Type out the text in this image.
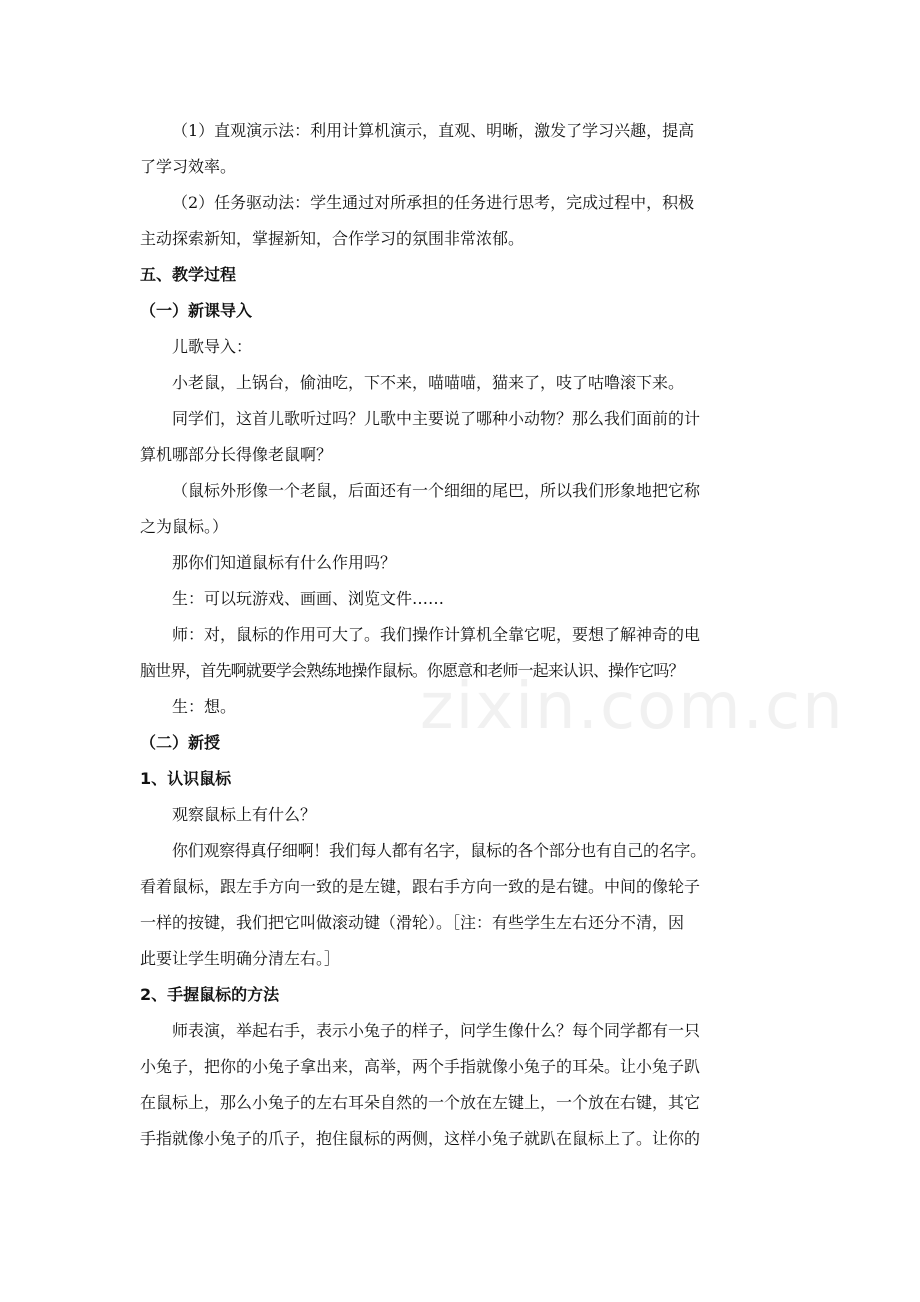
zixin.com.cn
（1）直观演示法：利用计算机演示，直观、明晰，激发了学习兴趣，提高
了学习效率。
（2）任务驱动法：学生通过对所承担的任务进行思考，完成过程中，积极
主动探索新知，掌握新知，合作学习的氛围非常浓郁。
五、教学过程
（一）新课导入
儿歌导入：
小老鼠，上锅台，偷油吃，下不来，喵喵喵，猫来了，吱了咕噜滚下来。
同学们，这首儿歌听过吗？儿歌中主要说了哪种小动物？那么我们面前的计
算机哪部分长得像老鼠啊？
（鼠标外形像一个老鼠，后面还有一个细细的尾巴，所以我们形象地把它称
之为鼠标。）
那你们知道鼠标有什么作用吗？
生：可以玩游戏、画画、浏览文件……
师：对，鼠标的作用可大了。我们操作计算机全靠它呢，要想了解神奇的电
脑世界，首先啊就要学会熟练地操作鼠标。你愿意和老师一起来认识、操作它吗？
生：想。
（二）新授
1、认识鼠标
观察鼠标上有什么？
你们观察得真仔细啊！我们每人都有名字，鼠标的各个部分也有自己的名字。
看着鼠标，跟左手方向一致的是左键，跟右手方向一致的是右键。中间的像轮子
一样的按键，我们把它叫做滚动键（滑轮）。［注：有些学生左右还分不清，因
此要让学生明确分清左右。］
2、手握鼠标的方法
师表演，举起右手，表示小兔子的样子，问学生像什么？每个同学都有一只
小兔子，把你的小兔子拿出来，高举，两个手指就像小兔子的耳朵。让小兔子趴
在鼠标上，那么小兔子的左右耳朵自然的一个放在左键上，一个放在右键，其它
手指就像小兔子的爪子，抱住鼠标的两侧，这样小兔子就趴在鼠标上了。让你的
